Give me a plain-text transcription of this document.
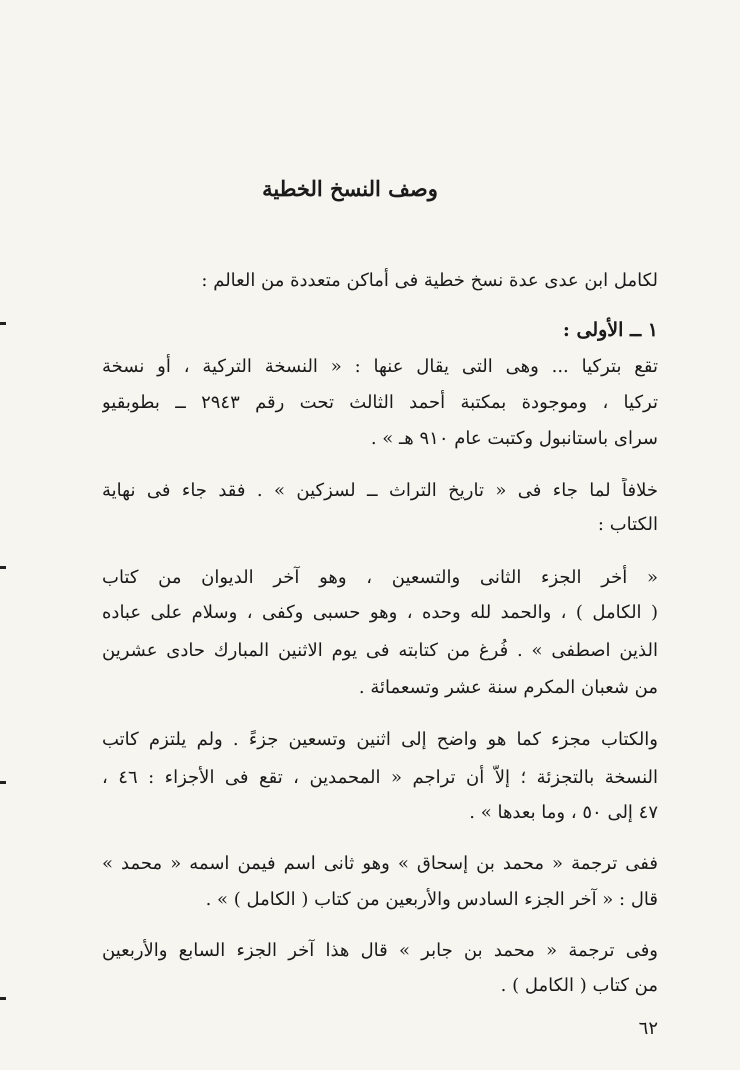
وصف النسخ الخطية
لكامل ابن عدى عدة نسخ خطية فى أماكن متعددة من العالم :
١ ــ الأولى :
تقع بتركيا ... وهى التى يقال عنها : « النسخة التركية ، أو نسخة
تركيا ، وموجودة بمكتبة أحمد الثالث تحت رقم ٢٩٤٣ ــ بطوبقيو
سراى باستانبول وكتبت عام ٩١٠ هـ » .
خلافاً لما جاء فى « تاريخ التراث ــ لسزكين » . فقد جاء فى نهاية
الكتاب :
« أخر الجزء الثانى والتسعين ، وهو آخر الديوان من كتاب
( الكامل ) ، والحمد لله وحده ، وهو حسبى وكفى ، وسلام على عباده
الذين اصطفى » . فُرغ من كتابته فى يوم الاثنين المبارك حادى عشرين
من شعبان المكرم سنة عشر وتسعمائة .
والكتاب مجزء كما هو واضح إلى اثنين وتسعين جزءً . ولم يلتزم كاتب
النسخة بالتجزئة ؛ إلاّ أن تراجم « المحمدين ، تقع فى الأجزاء : ٤٦ ،
٤٧ إلى ٥٠ ، وما بعدها » .
ففى ترجمة « محمد بن إسحاق » وهو ثانى اسم فيمن اسمه « محمد »
قال : « آخر الجزء السادس والأربعين من كتاب ( الكامل ) » .
وفى ترجمة « محمد بن جابر » قال هذا آخر الجزء السابع والأربعين
من كتاب ( الكامل ) .
٦٢
